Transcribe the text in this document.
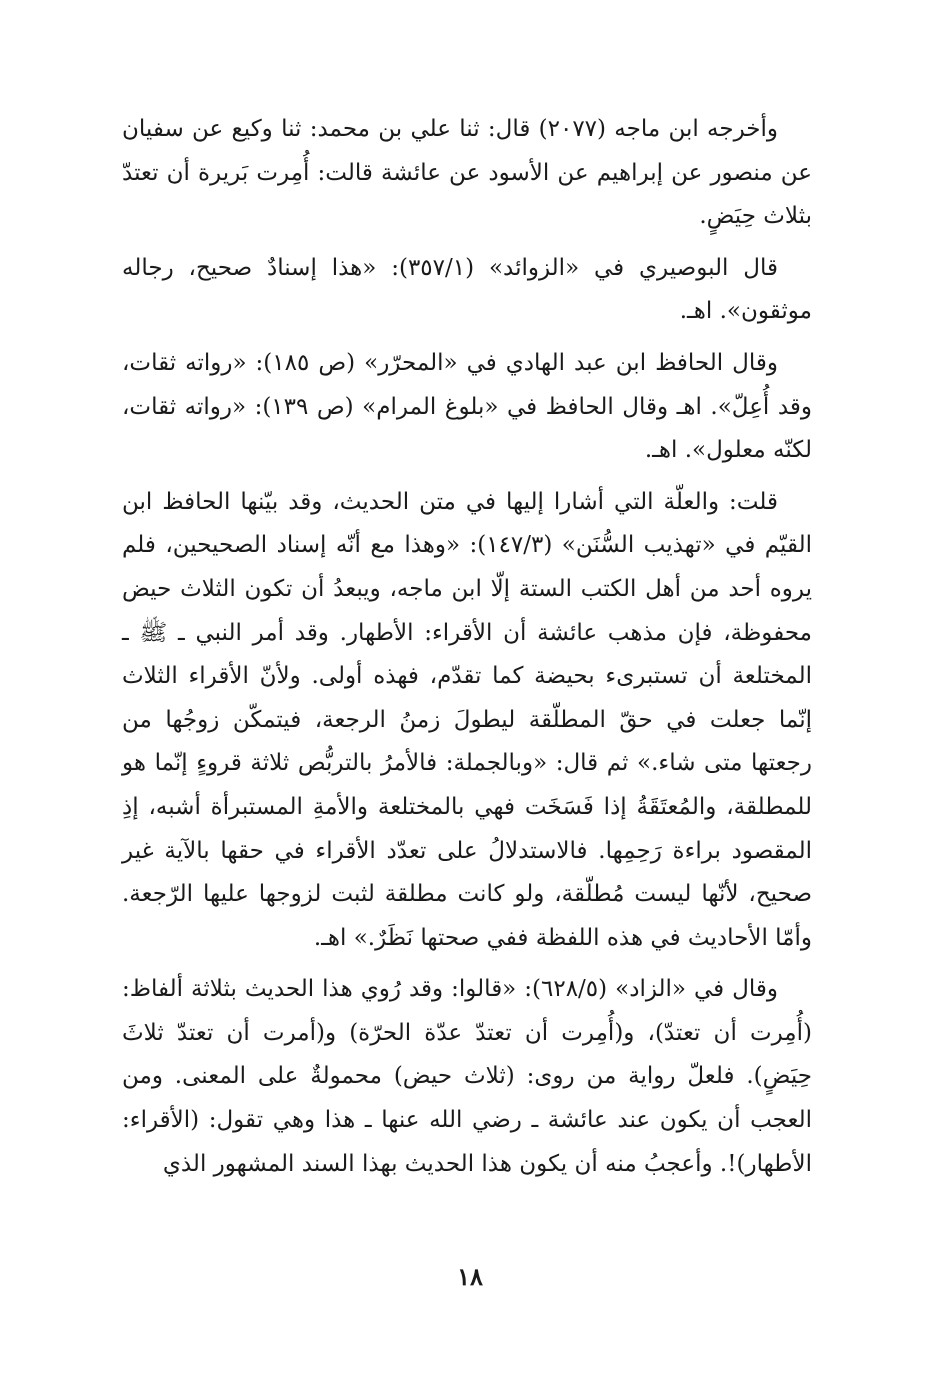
وأخرجه ابن ماجه (٢٠٧٧) قال: ثنا علي بن محمد: ثنا وكيع عن سفيان عن منصور عن إبراهيم عن الأسود عن عائشة قالت: أُمِرت بَريرة أن تعتدّ بثلاث حِيَضٍ.

قال البوصيري في «الزوائد» (٣٥٧/١): «هذا إسنادٌ صحيح، رجاله موثقون». اهـ.

وقال الحافظ ابن عبد الهادي في «المحرّر» (ص ١٨٥): «رواته ثقات، وقد أُعِلّ». اهـ وقال الحافظ في «بلوغ المرام» (ص ١٣٩): «رواته ثقات، لكنّه معلول». اهـ.

قلت: والعلّة التي أشارا إليها في متن الحديث، وقد بيّنها الحافظ ابن القيّم في «تهذيب السُّنَن» (١٤٧/٣): «وهذا مع أنّه إسناد الصحيحين، فلم يروه أحد من أهل الكتب الستة إلّا ابن ماجه، ويبعدُ أن تكون الثلاث حيض محفوظة، فإن مذهب عائشة أن الأقراء: الأطهار. وقد أمر النبي ـ ﷺ ـ المختلعة أن تستبرىء بحيضة كما تقدّم، فهذه أولى. ولأنّ الأقراء الثلاث إنّما جعلت في حقّ المطلّقة ليطولَ زمنُ الرجعة، فيتمكّن زوجُها من رجعتها متى شاء.» ثم قال: «وبالجملة: فالأمرُ بالتربُّص ثلاثة قروءٍ إنّما هو للمطلقة، والمُعتَقَةُ إذا فَسَخَت فهي بالمختلعة والأمةِ المستبرأة أشبه، إذِ المقصود براءة رَحِمِها. فالاستدلالُ على تعدّد الأقراء في حقها بالآية غير صحيح، لأنّها ليست مُطلّقة، ولو كانت مطلقة لثبت لزوجها عليها الرّجعة. وأمّا الأحاديث في هذه اللفظة ففي صحتها نَظَرٌ.» اهـ.

وقال في «الزاد» (٦٢٨/٥): «قالوا: وقد رُوي هذا الحديث بثلاثة ألفاظ: (أُمِرت أن تعتدّ)، و(أُمِرت أن تعتدّ عدّة الحرّة) و(أمرت أن تعتدّ ثلاثَ حِيَضٍ). فلعلّ رواية من روى: (ثلاث حيض) محمولةٌ على المعنى. ومن العجب أن يكون عند عائشة ـ رضي الله عنها ـ هذا وهي تقول: (الأقراء: الأطهار)!. وأعجبُ منه أن يكون هذا الحديث بهذا السند المشهور الذي

١٨
